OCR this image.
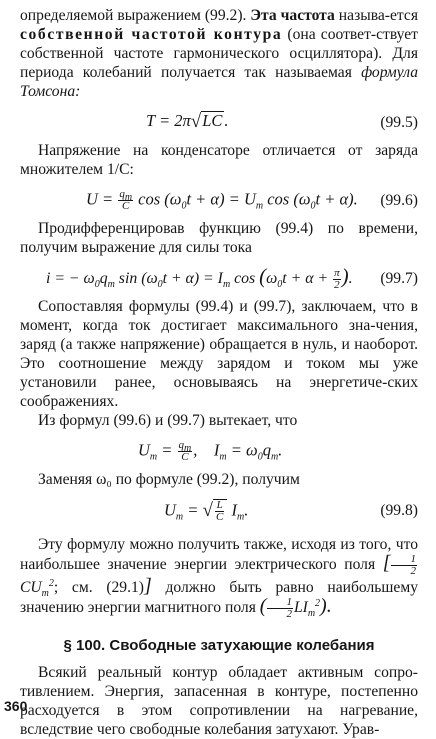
определяемой выражением (99.2). Эта частота называ-ется собственной частотой контура (она соответ-ствует собственной частоте гармонического осциллятора). Для периода колебаний получается так называемая формула Томсона:

T = 2π√LC .	(99.5)

Напряжение на конденсаторе отличается от заряда множителем 1/C:

$U = \frac{q_m}{C}$ $\cos (\omega_0t + \alpha) = U_m$ $\cos (\omega_0t + \alpha)$. (99.6)

Продифференцировав функцию (99.4) по времени, получим выражение для силы тока

i = − $\omega_0q_m$ $\sin (\omega_0t + \alpha) = I_m$ $\cos (\omega_0t + \alpha + \frac{\pi}{2}$ ). (99.7)

Сопоставляя формулы (99.4) и (99.7), заключаем, что в момент, когда ток достигает максимального зна-чения, заряд (а также напряжение) обращается в нуль, и наоборот. Это соотношение между зарядом и током мы уже установили ранее, основываясь на энергетиче-ских соображениях.

Из формул (99.6) и (99.7) вытекает, что

$U_m = \frac{q_m}{C}$ ,    $I_m = \omega_0q_m$.

Заменяя ω₀ по формуле (99.2), получим

$U_m$ = √ $\frac{L}{C} I_m$.	(99.8)

Эту формулу можно получить также, исходя из того, что наибольшее значение энергии электрического поля [ $\frac{1}{2}$
$CU_m^2$; см. (29.1)] должно быть равно наибольшему значению энергии магнитного поля ( $\frac{1}{2} LI_m^2$).

§ 100. Свободные затухающие колебания

Всякий реальный контур обладает активным сопро-тивлением. Энергия, запасенная в контуре, постепенно расходуется в этом сопротивлении на нагревание, вследствие чего свободные колебания затухают. Урав-

360
